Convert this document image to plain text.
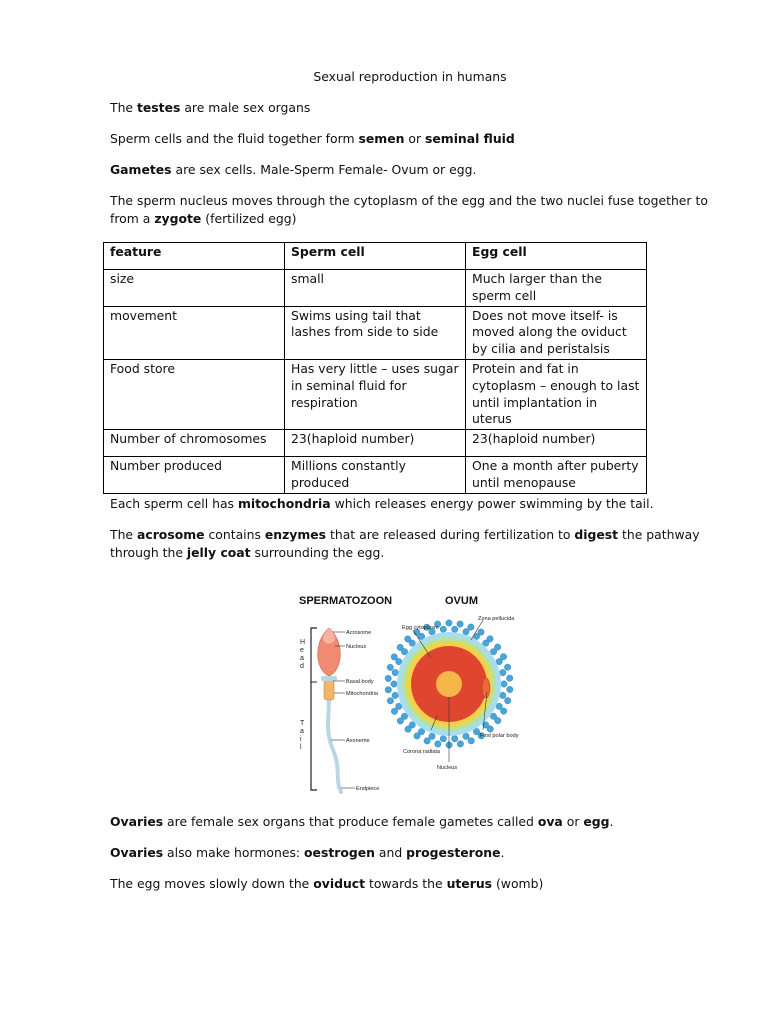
Sexual reproduction in humans

The testes are male sex organs

Sperm cells and the fluid together form semen or seminal fluid

Gametes are sex cells. Male-Sperm Female- Ovum or egg.

The sperm nucleus moves through the cytoplasm of the egg and the two nuclei fuse together to from a zygote (fertilized egg)

feature	Sperm cell	Egg cell
size	small	Much larger than the sperm cell
movement	Swims using tail that lashes from side to side	Does not move itself- is moved along the oviduct by cilia and peristalsis
Food store	Has very little – uses sugar in seminal fluid for respiration	Protein and fat in cytoplasm – enough to last until implantation in uterus
Number of chromosomes	23(haploid number)	23(haploid number)
Number produced	Millions constantly produced	One a month after puberty until menopause

Each sperm cell has mitochondria which releases energy power swimming by the tail.

The acrosome contains enzymes that are released during fertilization to digest the pathway through the jelly coat surrounding the egg.

SPERMATOZOON	OVUM
H
e
a
d
T
a
i
l
Acrosome
Nucleus
Basal body
Mitochondria
Axoneme
Endpiece
Egg cytoplasm
Zona pellucida
First polar body
Corona radiata
Nucleus

Ovaries are female sex organs that produce female gametes called ova or egg.

Ovaries also make hormones: oestrogen and progesterone.

The egg moves slowly down the oviduct towards the uterus (womb)
